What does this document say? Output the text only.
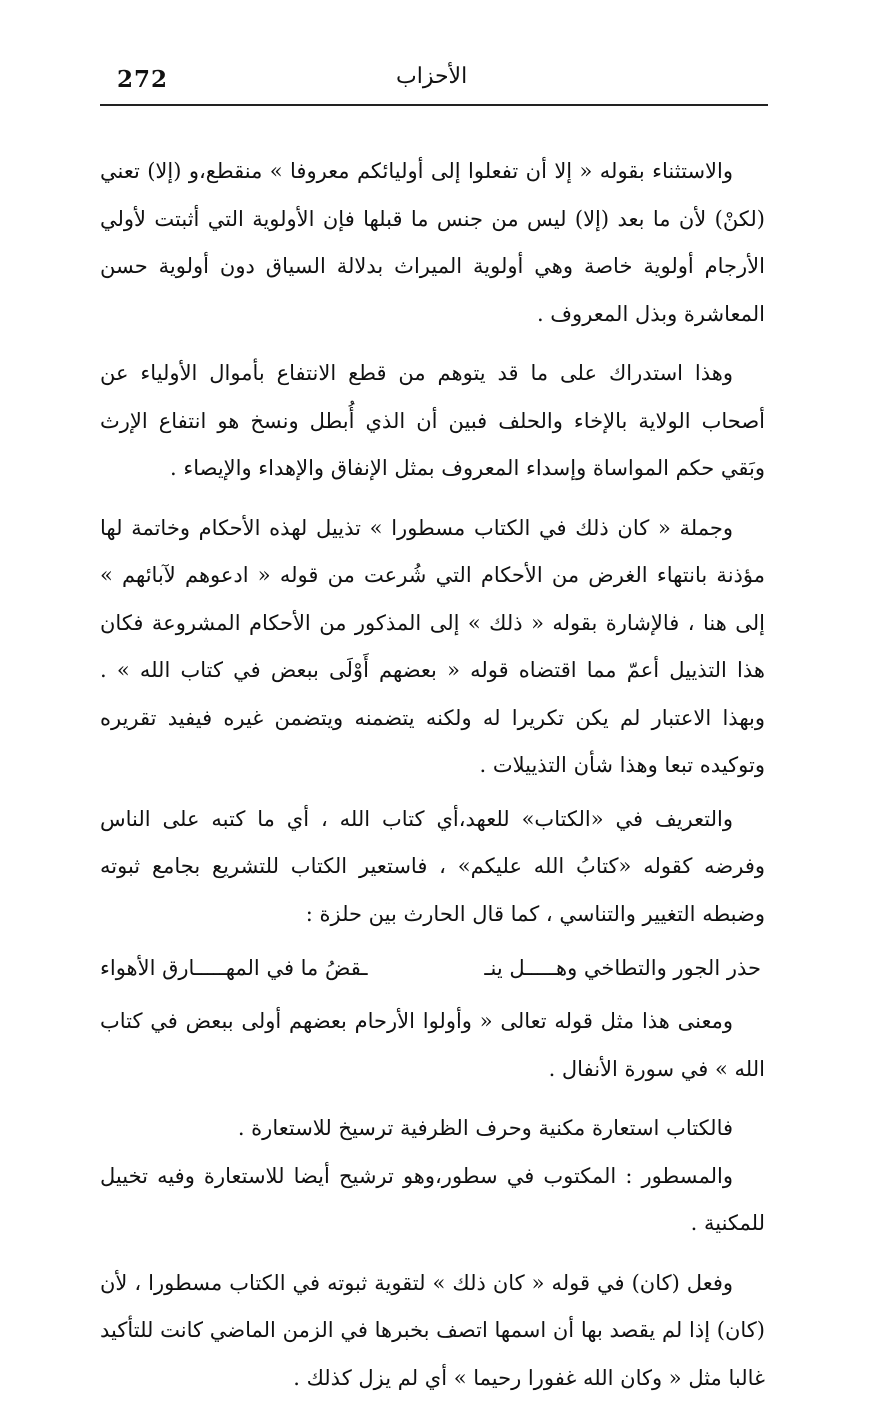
272	الأحزاب

والاستثناء بقوله « إلا أن تفعلوا إلى أوليائكم معروفا » منقطع،و (إلا) تعني (لكنْ) لأن ما بعد (إلا) ليس من جنس ما قبلها فإن الأولوية التي أثبتت لأولي الأرجام أولوية خاصة وهي أولوية الميراث بدلالة السياق دون أولوية حسن المعاشرة وبذل المعروف .

وهذا استدراك على ما قد يتوهم من قطع الانتفاع بأموال الأولياء عن أصحاب الولاية بالإخاء والحلف فبين أن الذي أُبطل ونسخ هو انتفاع الإرث وبَقي حكم المواساة وإسداء المعروف بمثل الإنفاق والإهداء والإيصاء .

وجملة « كان ذلك في الكتاب مسطورا » تذييل لهذه الأحكام وخاتمة لها مؤذنة بانتهاء الغرض من الأحكام التي شُرعت من قوله « ادعوهم لآبائهم » إلى هنا ، فالإشارة بقوله « ذلك » إلى المذكور من الأحكام المشروعة فكان هذا التذييل أعمّ مما اقتضاه قوله « بعضهم أَوْلَى ببعض في كتاب الله » . وبهذا الاعتبار لم يكن تكريرا له ولكنه يتضمنه ويتضمن غيره فيفيد تقريره وتوكيده تبعا وهذا شأن التذييلات .

والتعريف في «الكتاب» للعهد،أي كتاب الله ، أي ما كتبه على الناس وفرضه كقوله «كتابُ الله عليكم» ، فاستعير الكتاب للتشريع بجامع ثبوته وضبطه التغيير والتناسي ، كما قال الحارث بين حلزة :

حذر الجور والتطاخي وهـــــل ينـ
ـقضُ ما في المهـــــارق الأهواء

ومعنى هذا مثل قوله تعالى « وأولوا الأرحام بعضهم أولى ببعض في كتاب الله » في سورة الأنفال .

فالكتاب استعارة مكنية وحرف الظرفية ترسيخ للاستعارة .

والمسطور : المكتوب في سطور،وهو ترشيح أيضا للاستعارة وفيه تخييل للمكنية .

وفعل (كان) في قوله « كان ذلك » لتقوية ثبوته في الكتاب مسطورا ، لأن (كان) إذا لم يقصد بها أن اسمها اتصف بخبرها في الزمن الماضي كانت للتأكيد غالبا مثل « وكان الله غفورا رحيما » أي لم يزل كذلك .
